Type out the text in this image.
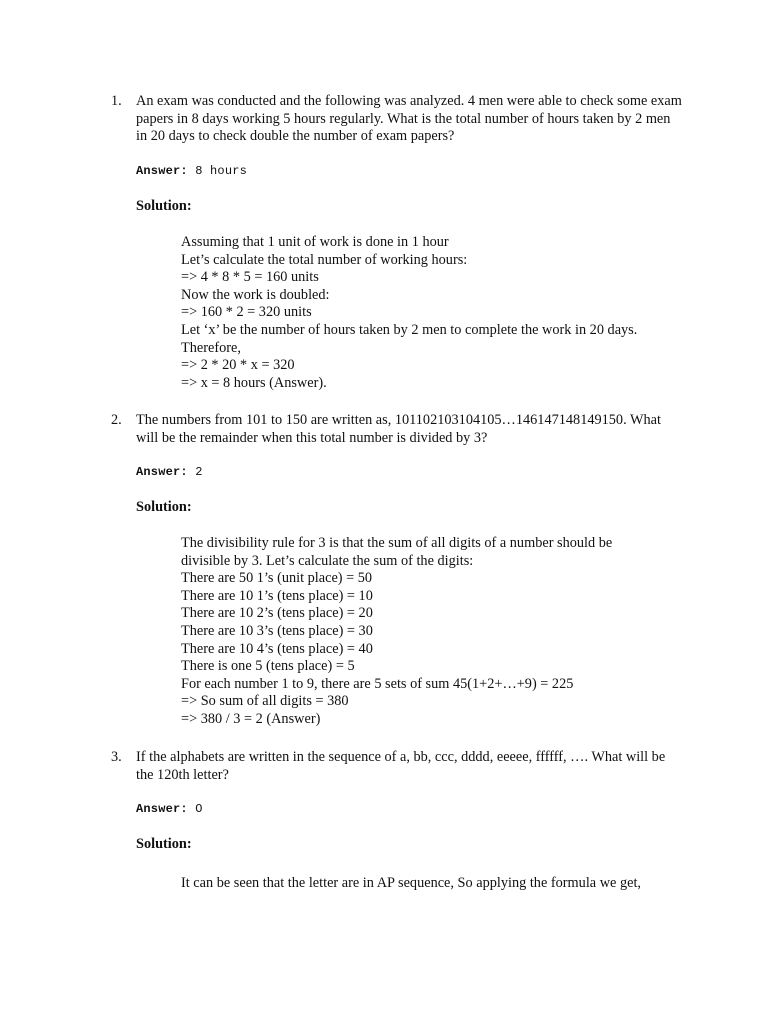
1. An exam was conducted and the following was analyzed. 4 men were able to check some exam papers in 8 days working 5 hours regularly. What is the total number of hours taken by 2 men in 20 days to check double the number of exam papers?
Answer: 8 hours
Solution:
Assuming that 1 unit of work is done in 1 hour
Let’s calculate the total number of working hours:
=> 4 * 8 * 5 = 160 units
Now the work is doubled:
=> 160 * 2 = 320 units
Let ‘x’ be the number of hours taken by 2 men to complete the work in 20 days.
Therefore,
=> 2 * 20 * x = 320
=> x = 8 hours (Answer).
2. The numbers from 101 to 150 are written as, 101102103104105…146147148149150. What will be the remainder when this total number is divided by 3?
Answer: 2
Solution:
The divisibility rule for 3 is that the sum of all digits of a number should be
divisible by 3. Let’s calculate the sum of the digits:
There are 50 1’s (unit place) = 50
There are 10 1’s (tens place) = 10
There are 10 2’s (tens place) = 20
There are 10 3’s (tens place) = 30
There are 10 4’s (tens place) = 40
There is one 5 (tens place) = 5
For each number 1 to 9, there are 5 sets of sum 45(1+2+…+9) = 225
=> So sum of all digits = 380
=> 380 / 3 = 2 (Answer)
3. If the alphabets are written in the sequence of a, bb, ccc, dddd, eeeee, ffffff, …. What will be the 120th letter?
Answer: O
Solution:
It can be seen that the letter are in AP sequence, So applying the formula we get,
